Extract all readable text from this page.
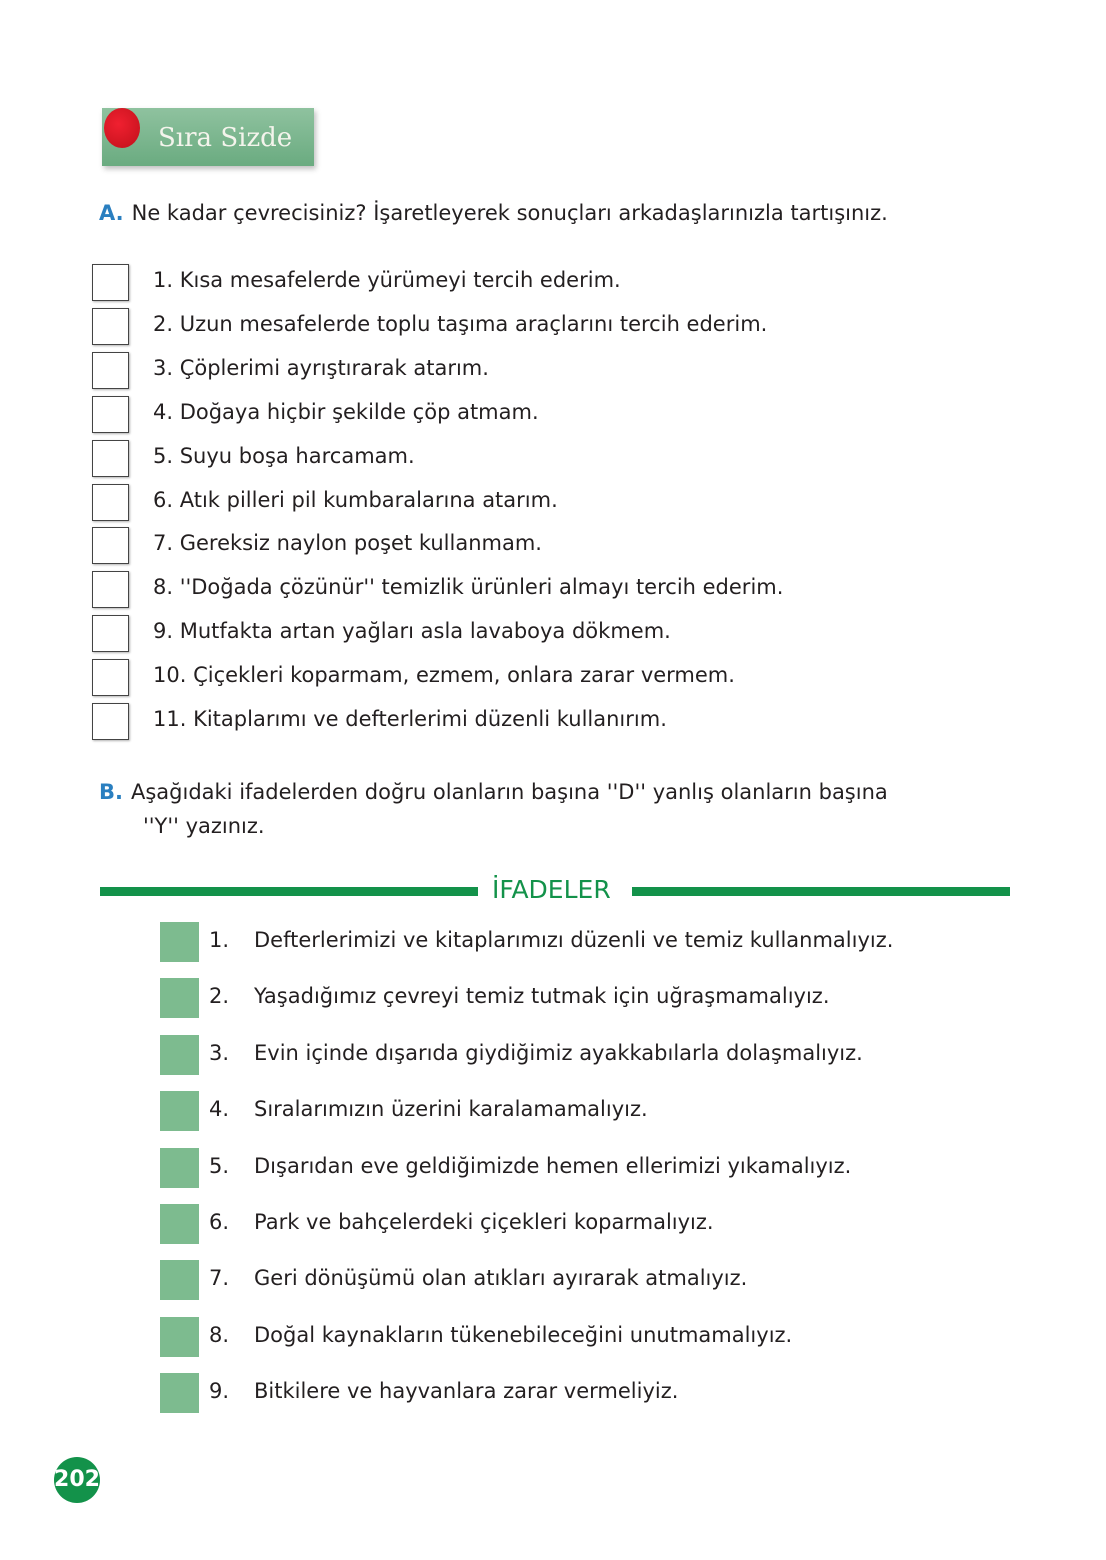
Sıra Sizde
A. Ne kadar çevrecisiniz? İşaretleyerek sonuçları arkadaşlarınızla tartışınız.
1. Kısa mesafelerde yürümeyi tercih ederim.
2. Uzun mesafelerde toplu taşıma araçlarını tercih ederim.
3. Çöplerimi ayrıştırarak atarım.
4. Doğaya hiçbir şekilde çöp atmam.
5. Suyu boşa harcamam.
6. Atık pilleri pil kumbaralarına atarım.
7. Gereksiz naylon poşet kullanmam.
8. ''Doğada çözünür'' temizlik ürünleri almayı tercih ederim.
9. Mutfakta artan yağları asla lavaboya dökmem.
10. Çiçekleri koparmam, ezmem, onlara zarar vermem.
11. Kitaplarımı ve defterlerimi düzenli kullanırım.
B. Aşağıdaki ifadelerden doğru olanların başına ''D'' yanlış olanların başına
''Y'' yazınız.
İFADELER
1. Defterlerimizi ve kitaplarımızı düzenli ve temiz kullanmalıyız.
2. Yaşadığımız çevreyi temiz tutmak için uğraşmamalıyız.
3. Evin içinde dışarıda giydiğimiz ayakkabılarla dolaşmalıyız.
4. Sıralarımızın üzerini karalamamalıyız.
5. Dışarıdan eve geldiğimizde hemen ellerimizi yıkamalıyız.
6. Park ve bahçelerdeki çiçekleri koparmalıyız.
7. Geri dönüşümü olan atıkları ayırarak atmalıyız.
8. Doğal kaynakların tükenebileceğini unutmamalıyız.
9. Bitkilere ve hayvanlara zarar vermeliyiz.
202
